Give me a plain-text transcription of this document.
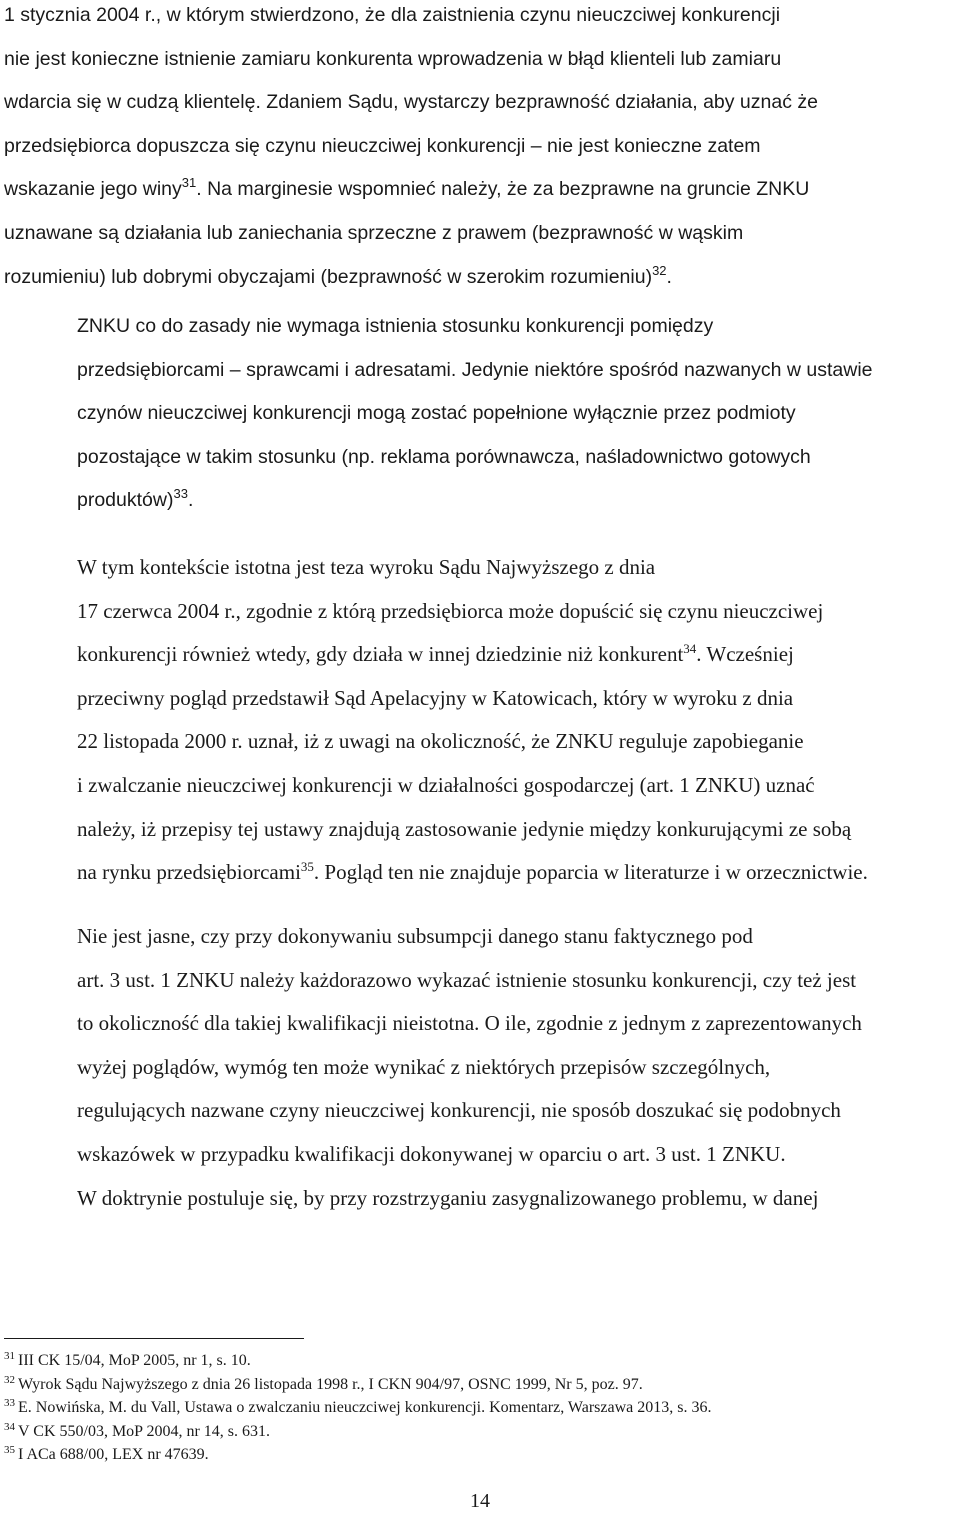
1 stycznia 2004 r., w którym stwierdzono, że dla zaistnienia czynu nieuczciwej konkurencji
nie jest konieczne istnienie zamiaru konkurenta wprowadzenia w błąd klienteli lub zamiaru
wdarcia się w cudzą klientelę. Zdaniem Sądu, wystarczy bezprawność działania, aby uznać że
przedsiębiorca dopuszcza się czynu nieuczciwej konkurencji – nie jest konieczne zatem
wskazanie jego winy$^{31}$. Na marginesie wspomnieć należy, że za bezprawne na gruncie ZNKU
uznawane są działania lub zaniechania sprzeczne z prawem (bezprawność w wąskim
rozumieniu) lub dobrymi obyczajami (bezprawność w szerokim rozumieniu)$^{32}$.
ZNKU co do zasady nie wymaga istnienia stosunku konkurencji pomiędzy
przedsiębiorcami – sprawcami i adresatami. Jedynie niektóre spośród nazwanych w ustawie
czynów nieuczciwej konkurencji mogą zostać popełnione wyłącznie przez podmioty
pozostające w takim stosunku (np. reklama porównawcza, naśladownictwo gotowych
produktów)$^{33}$.
W tym kontekście istotna jest teza wyroku Sądu Najwyższego z dnia
17 czerwca 2004 r., zgodnie z którą przedsiębiorca może dopuścić się czynu nieuczciwej
konkurencji również wtedy, gdy działa w innej dziedzinie niż konkurent$^{34}$. Wcześniej
przeciwny pogląd przedstawił Sąd Apelacyjny w Katowicach, który w wyroku z dnia
22 listopada 2000 r. uznał, iż z uwagi na okoliczność, że ZNKU reguluje zapobieganie
i zwalczanie nieuczciwej konkurencji w działalności gospodarczej (art. 1 ZNKU) uznać
należy, iż przepisy tej ustawy znajdują zastosowanie jedynie między konkurującymi ze sobą
na rynku przedsiębiorcami$^{35}$. Pogląd ten nie znajduje poparcia w literaturze i w orzecznictwie.
Nie jest jasne, czy przy dokonywaniu subsumpcji danego stanu faktycznego pod
art. 3 ust. 1 ZNKU należy każdorazowo wykazać istnienie stosunku konkurencji, czy też jest
to okoliczność dla takiej kwalifikacji nieistotna. O ile, zgodnie z jednym z zaprezentowanych
wyżej poglądów, wymóg ten może wynikać z niektórych przepisów szczególnych,
regulujących nazwane czyny nieuczciwej konkurencji, nie sposób doszukać się podobnych
wskazówek w przypadku kwalifikacji dokonywanej w oparciu o art. 3 ust. 1 ZNKU.
W doktrynie postuluje się, by przy rozstrzyganiu zasygnalizowanego problemu, w danej
$^{31}$ III CK 15/04, MoP 2005, nr 1, s. 10.
$^{32}$ Wyrok Sądu Najwyższego z dnia 26 listopada 1998 r., I CKN 904/97, OSNC 1999, Nr 5, poz. 97.
$^{33}$ E. Nowińska, M. du Vall, Ustawa o zwalczaniu nieuczciwej konkurencji. Komentarz, Warszawa 2013, s. 36.
$^{34}$ V CK 550/03, MoP 2004, nr 14, s. 631.
$^{35}$ I ACa 688/00, LEX nr 47639.
14
